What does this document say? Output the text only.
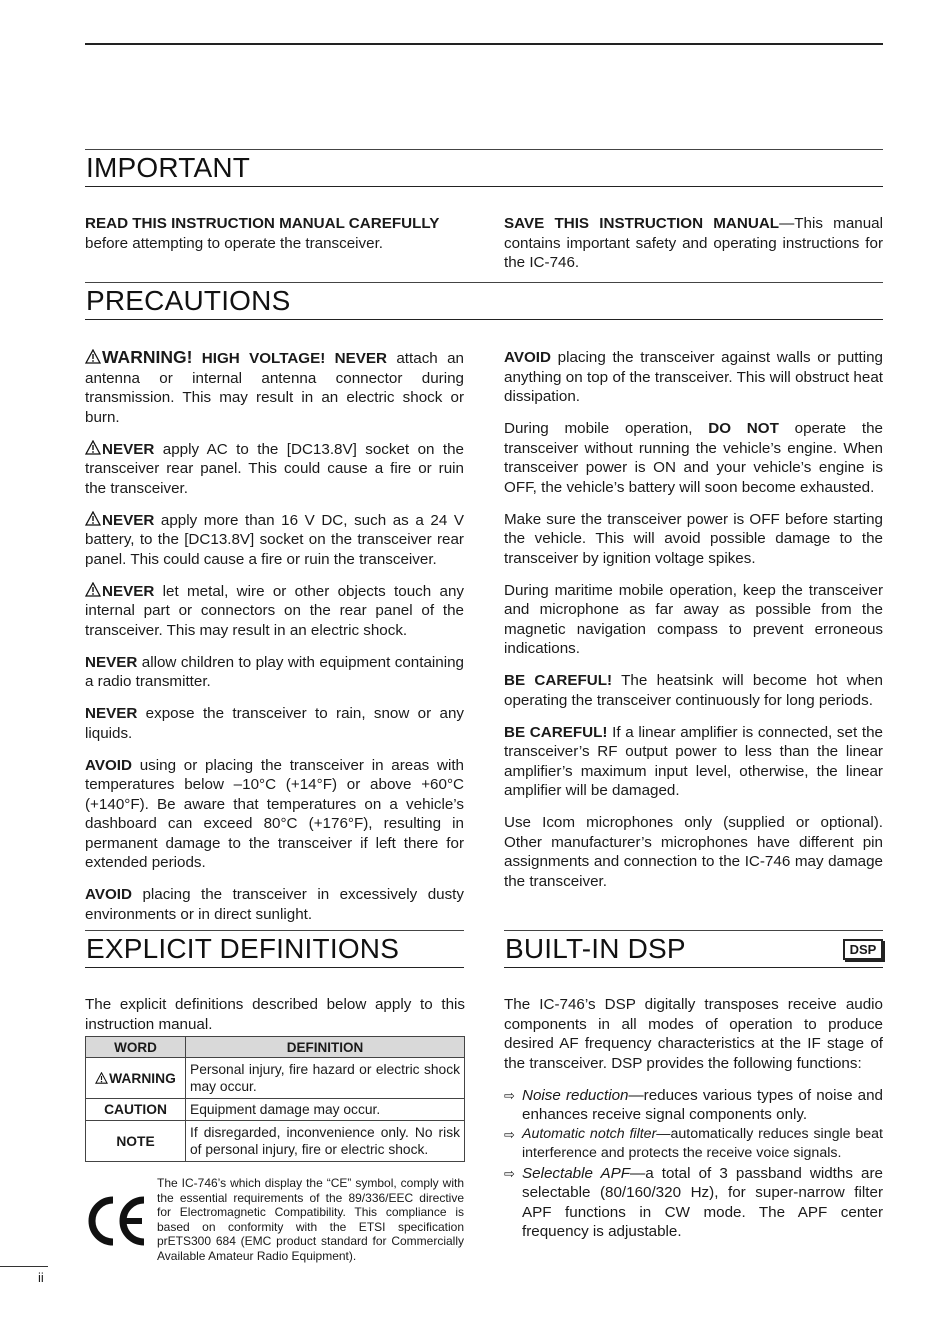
IMPORTANT

READ THIS INSTRUCTION MANUAL CAREFULLY
before attempting to operate the transceiver.

SAVE THIS INSTRUCTION MANUAL—This manual contains important safety and operating instructions for the IC-746.

PRECAUTIONS

WARNING! HIGH VOLTAGE! NEVER attach an antenna or internal antenna connector during transmission. This may result in an electric shock or burn.

NEVER apply AC to the [DC13.8V] socket on the transceiver rear panel. This could cause a fire or ruin the transceiver.

NEVER apply more than 16 V DC, such as a 24 V battery, to the [DC13.8V] socket on the transceiver rear panel. This could cause a fire or ruin the transceiver.

NEVER let metal, wire or other objects touch any internal part or connectors on the rear panel of the transceiver. This may result in an electric shock.

NEVER allow children to play with equipment containing a radio transmitter.

NEVER expose the transceiver to rain, snow or any liquids.

AVOID using or placing the transceiver in areas with temperatures below –10°C (+14°F) or above +60°C (+140°F). Be aware that temperatures on a vehicle’s dashboard can exceed 80°C (+176°F), resulting in permanent damage to the transceiver if left there for extended periods.

AVOID placing the transceiver in excessively dusty environments or in direct sunlight.

AVOID placing the transceiver against walls or putting anything on top of the transceiver. This will obstruct heat dissipation.

During mobile operation, DO NOT operate the transceiver without running the vehicle’s engine. When transceiver power is ON and your vehicle’s engine is OFF, the vehicle’s battery will soon become exhausted.

Make sure the transceiver power is OFF before starting the vehicle. This will avoid possible damage to the transceiver by ignition voltage spikes.

During maritime mobile operation, keep the transceiver and microphone as far away as possible from the magnetic navigation compass to prevent erroneous indications.

BE CAREFUL! The heatsink will become hot when operating the transceiver continuously for long periods.

BE CAREFUL! If a linear amplifier is connected, set the transceiver’s RF output power to less than the linear amplifier’s maximum input level, otherwise, the linear amplifier will be damaged.

Use Icom microphones only (supplied or optional). Other manufacturer’s microphones have different pin assignments and connection to the IC-746 may damage the transceiver.

EXPLICIT DEFINITIONS	BUILT-IN DSP	DSP

The explicit definitions described below apply to this instruction manual.

WORD	DEFINITION
WARNING	Personal injury, fire hazard or electric shock may occur.
CAUTION	Equipment damage may occur.
NOTE	If disregarded, inconvenience only. No risk of personal injury, fire or electric shock.
The IC-746’s which display the “CE” symbol, comply with the essential requirements of the 89/336/EEC directive for Electromagnetic Compatibility. This compliance is based on conformity with the ETSI specification prETS300 684 (EMC product standard for Commercially Available Amateur Radio Equipment).

The IC-746’s DSP digitally transposes receive audio components in all modes of operation to produce desired AF frequency characteristics at the IF stage of the transceiver. DSP provides the following functions:

⇨ Noise reduction—reduces various types of noise and enhances receive signal components only.
⇨ Automatic notch filter—automatically reduces single beat interference and protects the receive voice signals.
⇨ Selectable APF—a total of 3 passband widths are selectable (80/160/320 Hz), for super-narrow filter APF functions in CW mode. The APF center frequency is adjustable.
ii
